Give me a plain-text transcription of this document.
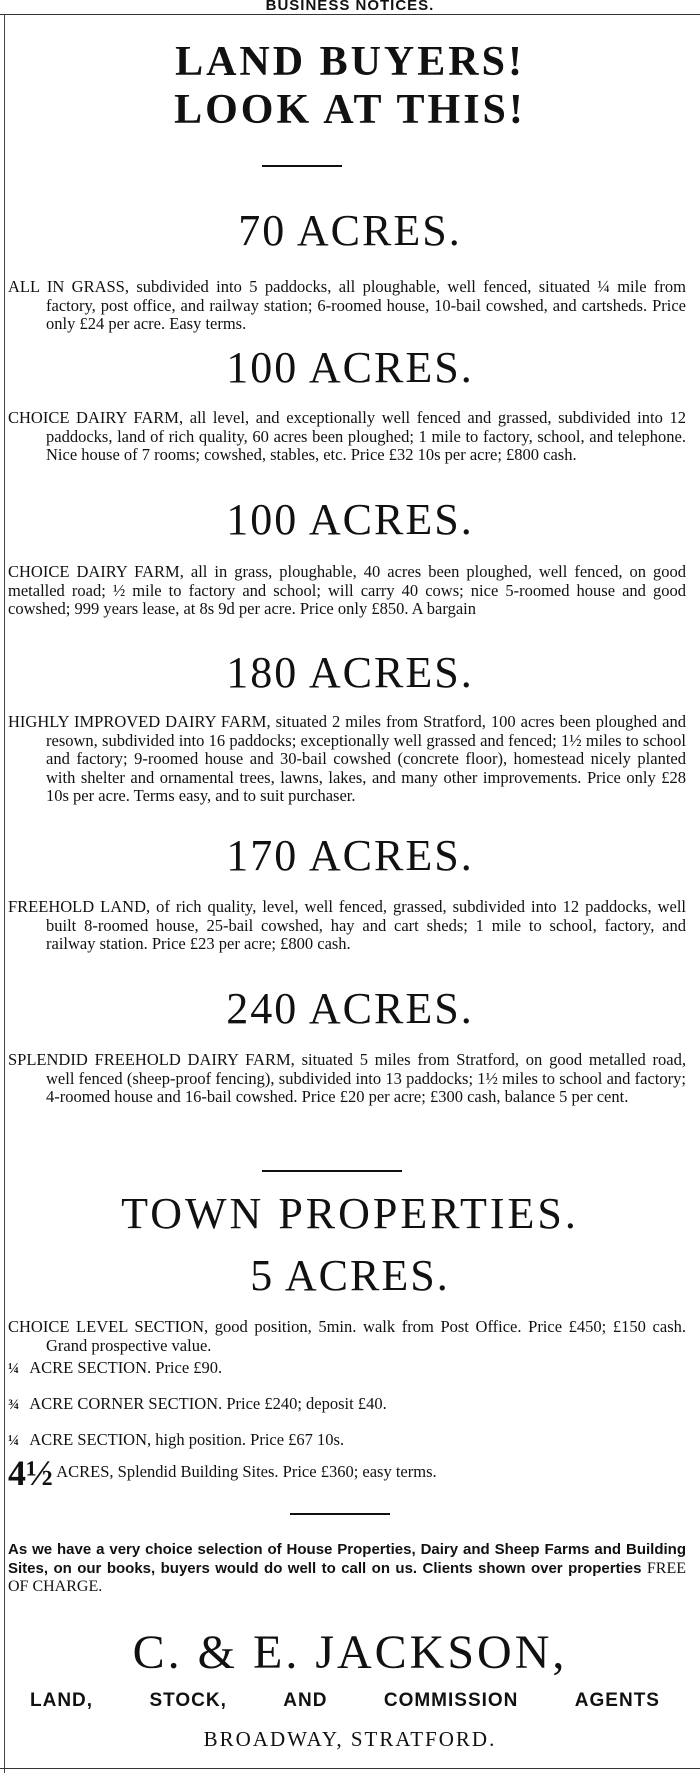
BUSINESS NOTICES.
LAND BUYERS!
LOOK AT THIS!
70 ACRES.
ALL IN GRASS, subdivided into 5 paddocks, all ploughable, well fenced, situated ¼ mile from factory, post office, and railway station; 6-roomed house, 10-bail cowshed, and cartsheds. Price only £24 per acre. Easy terms.
100 ACRES.
CHOICE DAIRY FARM, all level, and exceptionally well fenced and grassed, subdivided into 12 paddocks, land of rich quality, 60 acres been ploughed; 1 mile to factory, school, and telephone. Nice house of 7 rooms; cowshed, stables, etc. Price £32 10s per acre; £800 cash.
100 ACRES.
CHOICE DAIRY FARM, all in grass, ploughable, 40 acres been ploughed, well fenced, on good metalled road; ½ mile to factory and school; will carry 40 cows; nice 5-roomed house and good cowshed; 999 years lease, at 8s 9d per acre. Price only £850. A bargain
180 ACRES.
HIGHLY IMPROVED DAIRY FARM, situated 2 miles from Stratford, 100 acres been ploughed and resown, subdivided into 16 paddocks; exceptionally well grassed and fenced; 1½ miles to school and factory; 9-roomed house and 30-bail cowshed (concrete floor), homestead nicely planted with shelter and ornamental trees, lawns, lakes, and many other improvements. Price only £28 10s per acre. Terms easy, and to suit purchaser.
170 ACRES.
FREEHOLD LAND, of rich quality, level, well fenced, grassed, subdivided into 12 paddocks, well built 8-roomed house, 25-bail cowshed, hay and cart sheds; 1 mile to school, factory, and railway station. Price £23 per acre; £800 cash.
240 ACRES.
SPLENDID FREEHOLD DAIRY FARM, situated 5 miles from Stratford, on good metalled road, well fenced (sheep-proof fencing), subdivided into 13 paddocks; 1½ miles to school and factory; 4-roomed house and 16-bail cowshed. Price £20 per acre; £300 cash, balance 5 per cent.
TOWN PROPERTIES.
5 ACRES.
CHOICE LEVEL SECTION, good position, 5min. walk from Post Office. Price £450; £150 cash. Grand prospective value.
¼ ACRE SECTION. Price £90.
¾ ACRE CORNER SECTION. Price £240; deposit £40.
¼ ACRE SECTION, high position. Price £67 10s.
4½ ACRES, Splendid Building Sites. Price £360; easy terms.
As we have a very choice selection of House Properties, Dairy and Sheep Farms and Building Sites, on our books, buyers would do well to call on us. Clients shown over properties FREE OF CHARGE.
C. & E. JACKSON,
LAND,	STOCK,	AND	COMMISSION	AGENTS
BROADWAY, STRATFORD.
